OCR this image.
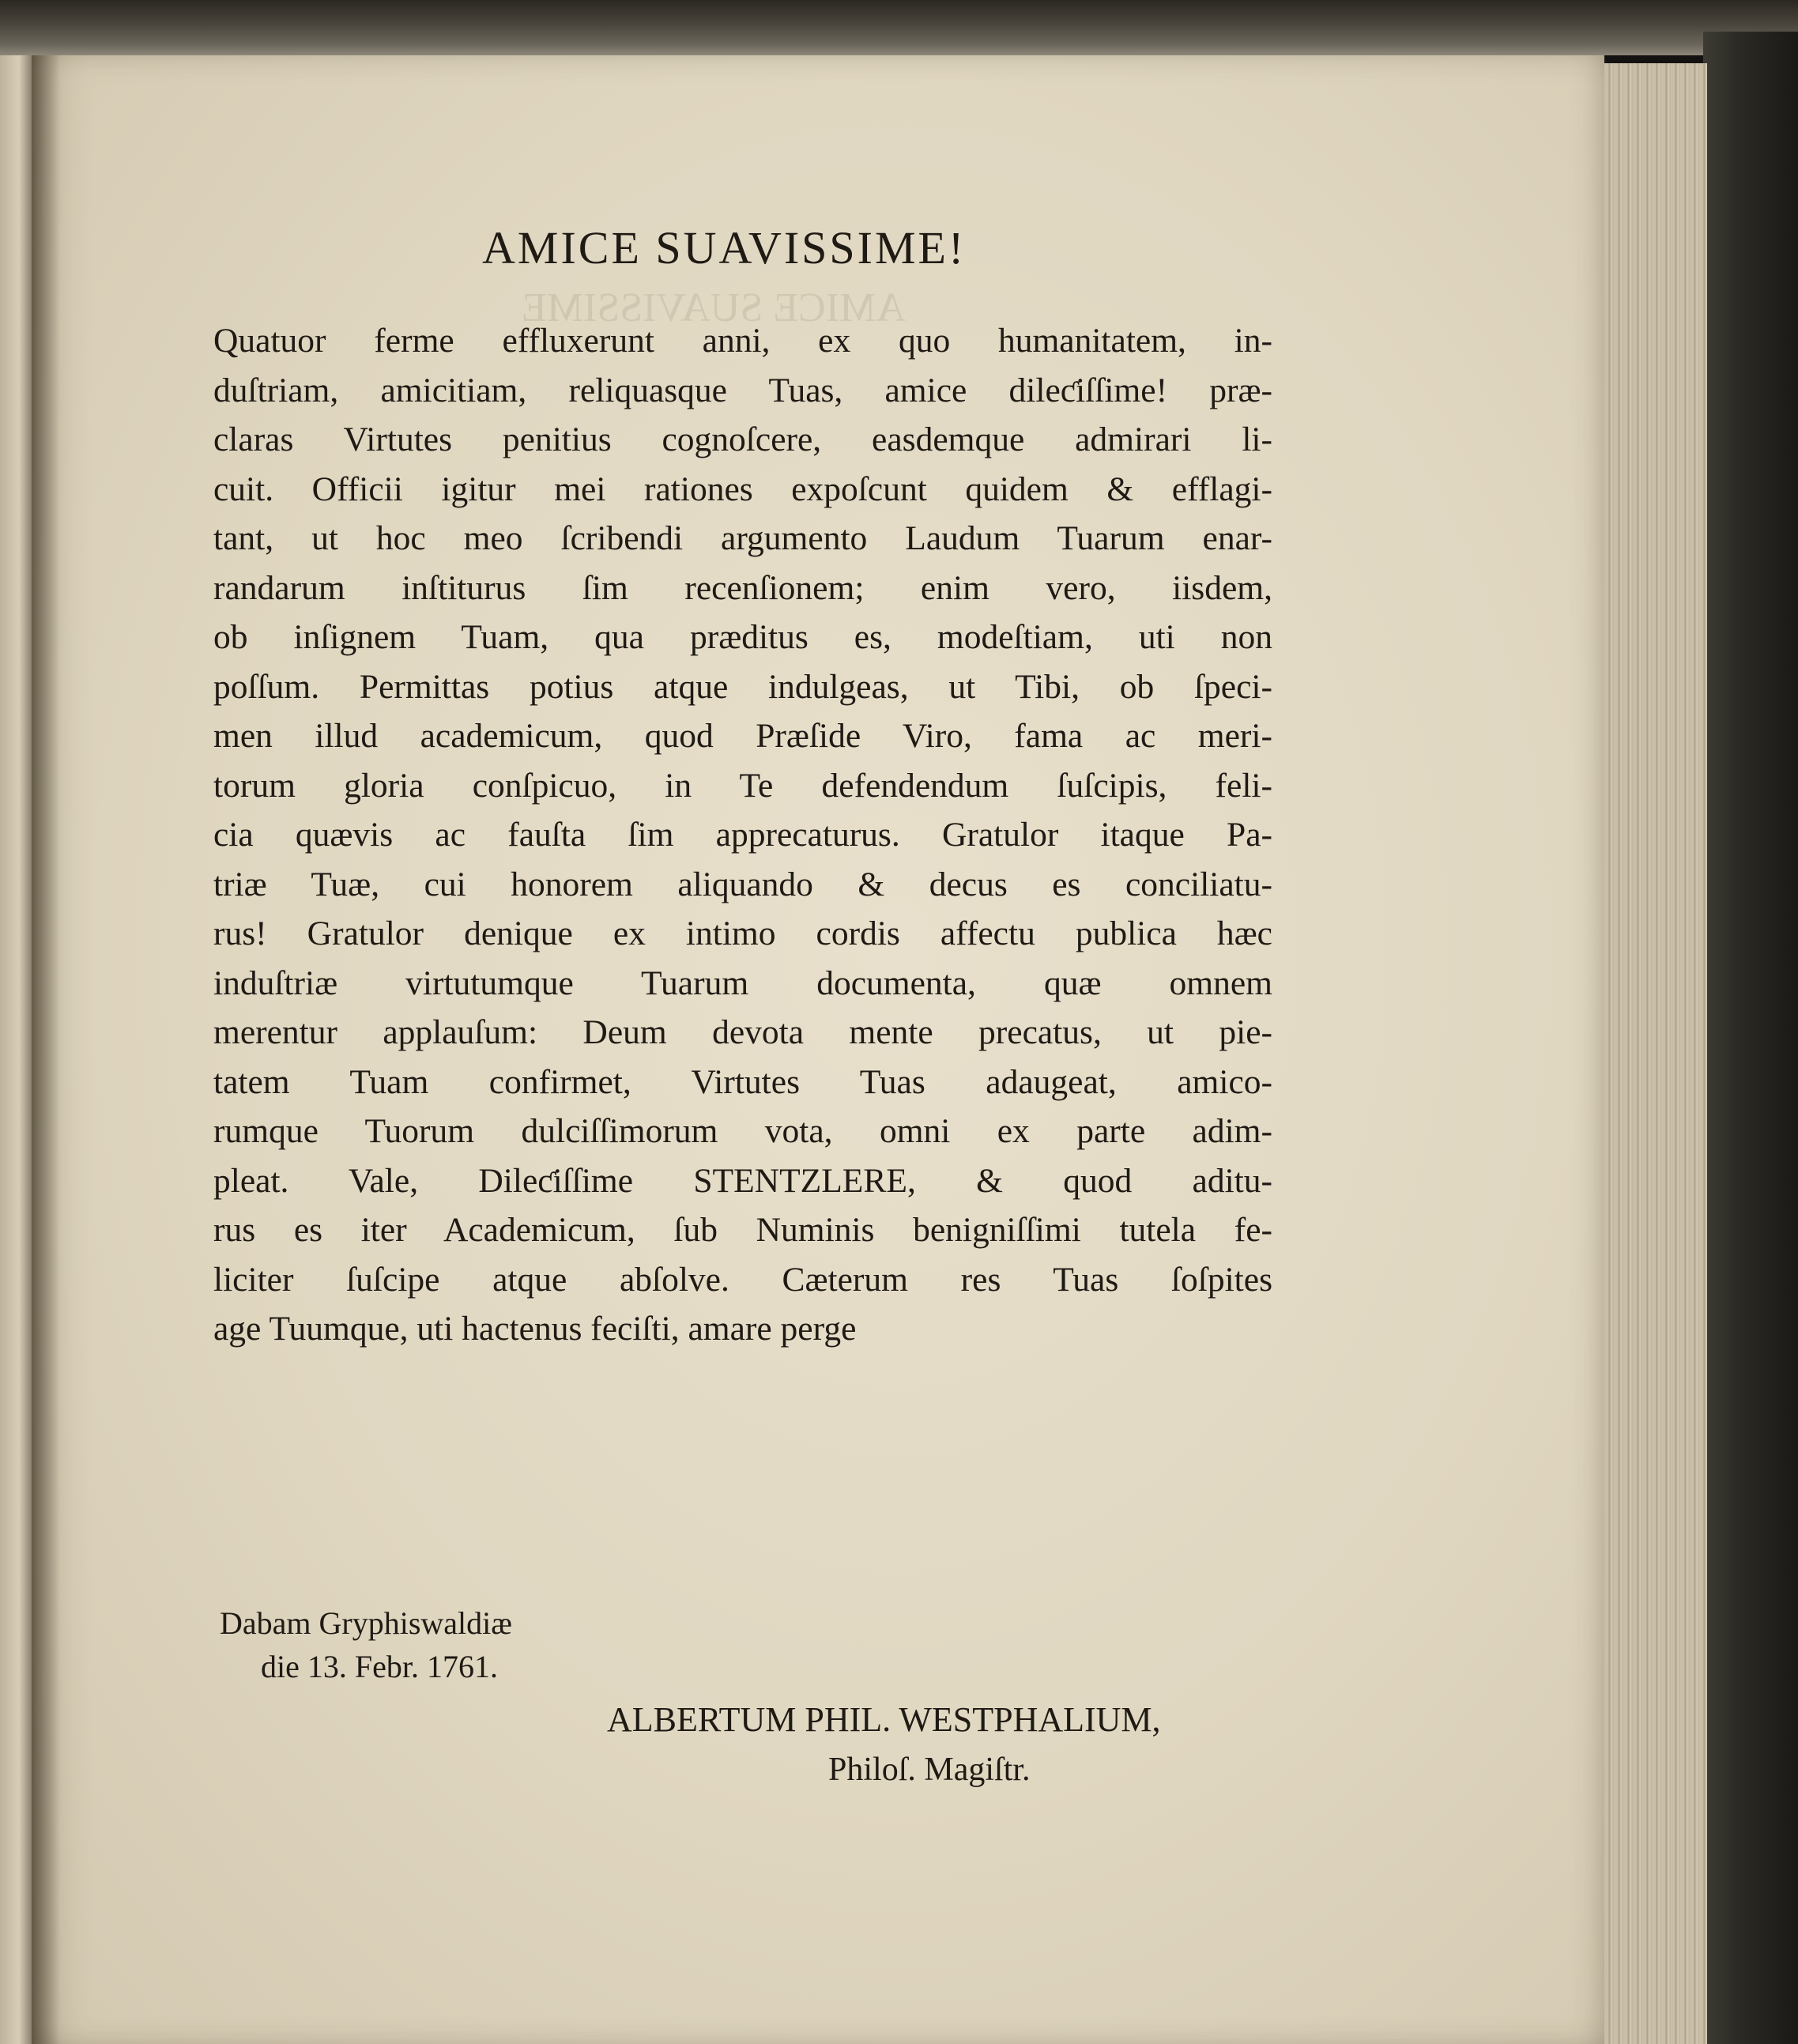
AMICE SUAVISSIME
AMICE SUAVISSIME!
Quatuor ferme effluxerunt anni, ex quo humanitatem, in-
duſtriam, amicitiam, reliquasque Tuas, amice dileƈiſſime! præ-
claras Virtutes penitius cognoſcere, easdemque admirari li-
cuit. Officii igitur mei rationes expoſcunt quidem & efflagi-
tant, ut hoc meo ſcribendi argumento Laudum Tuarum enar-
randarum inſtiturus ſim recenſionem; enim vero, iisdem,
ob inſignem Tuam, qua præditus es, modeſtiam, uti non
poſſum. Permittas potius atque indulgeas, ut Tibi, ob ſpeci-
men illud academicum, quod Præſide Viro, fama ac meri-
torum gloria conſpicuo, in Te defendendum ſuſcipis, feli-
cia quævis ac fauſta ſim apprecaturus. Gratulor itaque Pa-
triæ Tuæ, cui honorem aliquando & decus es conciliatu-
rus! Gratulor denique ex intimo cordis affectu publica hæc
induſtriæ virtutumque Tuarum documenta, quæ omnem
merentur applauſum: Deum devota mente precatus, ut pie-
tatem Tuam confirmet, Virtutes Tuas adaugeat, amico-
rumque Tuorum dulciſſimorum vota, omni ex parte adim-
pleat. Vale, Dileƈiſſime STENTZLERE, & quod aditu-
rus es iter Academicum, ſub Numinis benigniſſimi tutela fe-
liciter ſuſcipe atque abſolve. Cæterum res Tuas ſoſpites
age Tuumque, uti hactenus feciſti, amare perge
Dabam Gryphiswaldiæ
die 13. Febr. 1761.
ALBERTUM PHIL. WESTPHALIUM,
Philoſ. Magiſtr.
